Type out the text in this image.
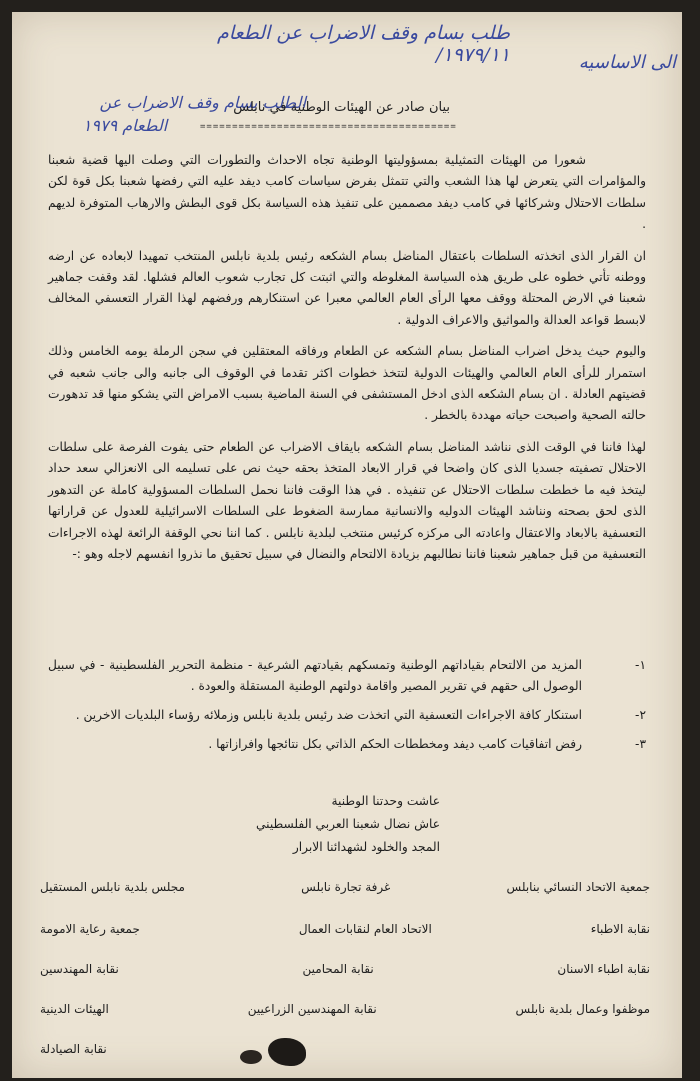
طلب بسام وقف الاضراب عن الطعام ١٩٧٩/١١/	الى الاساسيه
الطلب بسام وقف الاضراب عن
الطعام ١٩٧٩
بيان صادر عن الهيئات الوطنية في نابلس
========================================

شعورا من الهيئات التمثيلية بمسؤوليتها الوطنية تجاه الاحداث والتطورات التي وصلت اليها قضية شعبنا والمؤامرات التي يتعرض لها هذا الشعب والتي تتمثل بفرض سياسات كامب ديفد عليه التي رفضها شعبنا بكل قوة لكن سلطات الاحتلال وشركائها في كامب ديفد مصممين على تنفيذ هذه السياسة بكل قوى البطش والارهاب المتوفرة لديهم .

ان القرار الذى اتخذته السلطات باعتقال المناضل بسام الشكعه رئيس بلدية نابلس المنتخب تمهيدا لابعاده عن ارضه ووطنه تأتي خطوه على طريق هذه السياسة المغلوطه والتي اثبتت كل تجارب شعوب العالم فشلها. لقد وقفت جماهير شعبنا في الارض المحتلة ووقف معها الرأى العام العالمي معبرا عن استنكارهم ورفضهم لهذا القرار التعسفي المخالف لابسط قواعد العدالة والمواثيق والاعراف الدولية .

واليوم حيث يدخل اضراب المناضل بسام الشكعه عن الطعام ورفاقه المعتقلين في سجن الرملة يومه الخامس وذلك استمرار للرأى العام العالمي والهيئات الدولية لتتخذ خطوات اكثر تقدما في الوقوف الى جانبه والى جانب شعبه في قضيتهم العادلة . ان بسام الشكعه الذى ادخل المستشفى في السنة الماضية بسبب الامراض التي يشكو منها قد تدهورت حالته الصحية واصبحت حياته مهددة بالخطر .

لهذا فاننا في الوقت الذى نناشد المناضل بسام الشكعه بايقاف الاضراب عن الطعام حتى يفوت الفرصة على سلطات الاحتلال تصفيته جسديا الذى كان واضحا في قرار الابعاد المتخذ بحقه حيث نص على تسليمه الى الانعزالي سعد حداد ليتخذ فيه ما خططت سلطات الاحتلال عن تنفيذه . في هذا الوقت فاننا نحمل السلطات المسؤولية كاملة عن التدهور الذى لحق بصحته ونناشد الهيئات الدوليه والانسانية ممارسة الضغوط على السلطات الاسرائيلية للعدول عن قراراتها التعسفية بالابعاد والاعتقال واعادته الى مركزه كرئيس منتخب لبلدية نابلس . كما اننا نحي الوقفة الرائعة لهذه الاجراءات التعسفية من قبل جماهير شعبنا فاننا نطالبهم بزيادة الالتحام والنضال في سبيل تحقيق ما نذروا انفسهم لاجله وهو :-

١-
المزيد من الالتحام بقياداتهم الوطنية وتمسكهم بقيادتهم الشرعية - منظمة التحرير الفلسطينية - في سبيل الوصول الى حقهم في تقرير المصير واقامة دولتهم الوطنية المستقلة والعودة .
٢-
استنكار كافة الاجراءات التعسفية التي اتخذت ضد رئيس بلدية نابلس وزملائه رؤساء البلديات الاخرين .
٣-
رفض اتفاقيات كامب ديفد ومخططات الحكم الذاتي بكل نتائجها وافرازاتها .
عاشت وحدتنا الوطنية
عاش نضال شعبنا العربي الفلسطيني
المجد والخلود لشهدائنا الابرار
مجلس بلدية نابلس المستقيل	غرفة تجارة نابلس	جمعية الاتحاد النسائي بنابلس
جمعية رعاية الامومة	الاتحاد العام لنقابات العمال	نقابة الاطباء
نقابة المهندسين	نقابة المحامين	نقابة اطباء الاسنان
الهيئات الدينية	نقابة المهندسين الزراعيين	موظفوا وعمال بلدية نابلس
نقابة الصيادلة
